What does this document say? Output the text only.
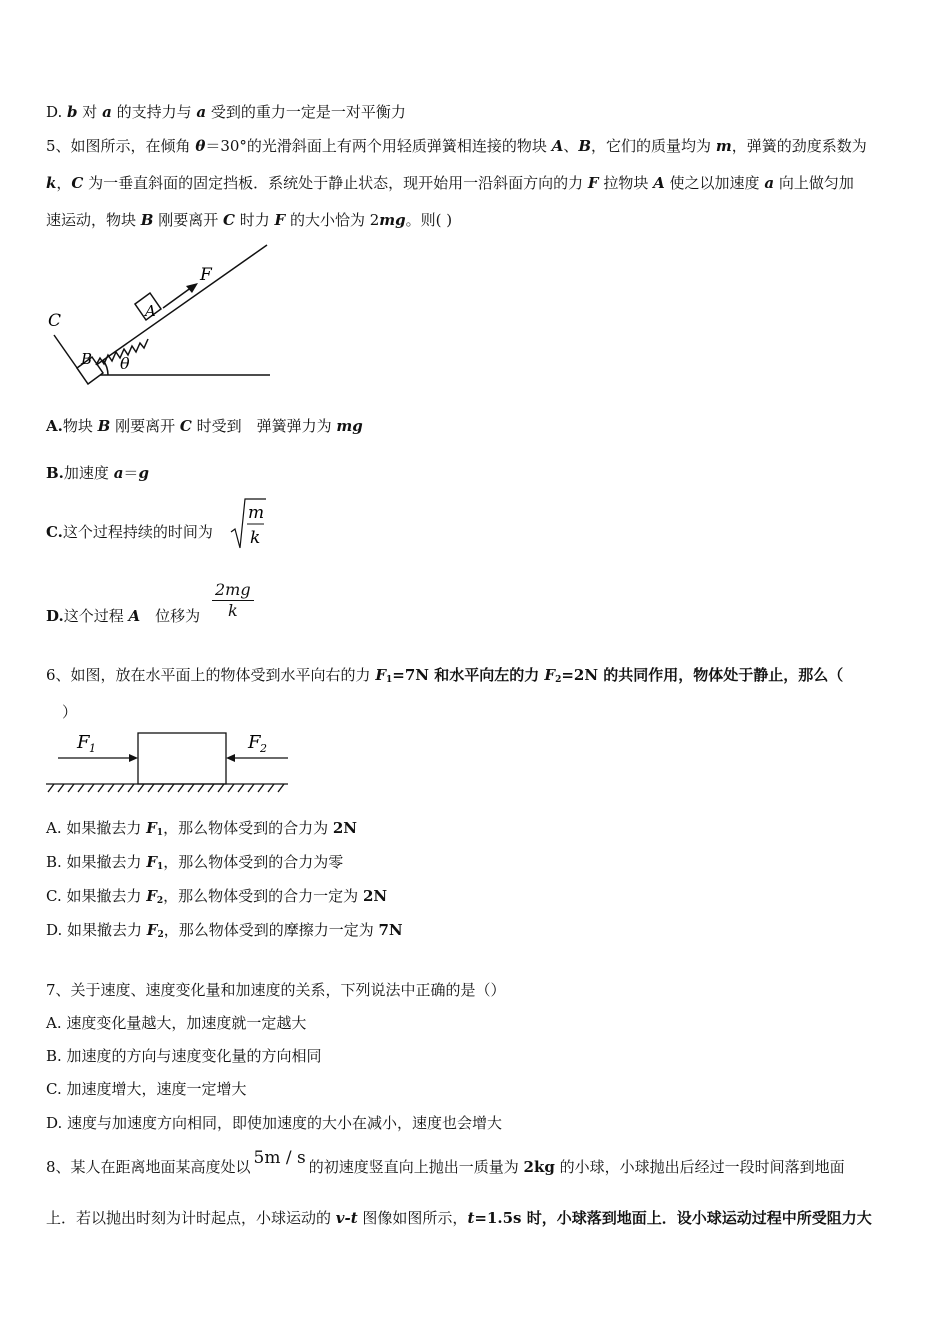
D. b 对 a 的支持力与 a 受到的重力一定是一对平衡力
5、如图所示，在倾角 θ＝30°的光滑斜面上有两个用轻质弹簧相连接的物块 A、B，它们的质量均为 m，弹簧的劲度系数为
k，C 为一垂直斜面的固定挡板．系统处于静止状态，现开始用一沿斜面方向的力 F 拉物块 A 使之以加速度 a 向上做匀加
速运动，物块 B 刚要离开 C 时力 F 的大小恰为 2mg。则( )
F
A
B
C
θ
A.物块 B 刚要离开 C 时受到　弹簧弹力为 mg
B.加速度 a＝g
C.这个过程持续的时间为
m
k
D.这个过程 A　位移为 $\frac{2mg}{k}$
6、如图，放在水平面上的物体受到水平向右的力 $F_1=7N$ 和水平向左的力 $F_2=2N$ 的共同作用，物体处于静止，那么（
）
F 1	F 2
A. 如果撤去力 $F_1$，那么物体受到的合力为 2N
B. 如果撤去力 $F_1$，那么物体受到的合力为零
C. 如果撤去力 $F_2$，那么物体受到的合力一定为 2N
D. 如果撤去力 $F_2$，那么物体受到的摩擦力一定为 7N
7、关于速度、速度变化量和加速度的关系，下列说法中正确的是（）
A. 速度变化量越大，加速度就一定越大
B. 加速度的方向与速度变化量的方向相同
C. 加速度增大，速度一定增大
D. 速度与加速度方向相同，即使加速度的大小在减小，速度也会增大
8、某人在距离地面某高度处以 5m / s 的初速度竖直向上抛出一质量为 2kg 的小球，小球抛出后经过一段时间落到地面
上．若以抛出时刻为计时起点，小球运动的 v-t 图像如图所示，t=1.5s 时，小球落到地面上．设小球运动过程中所受阻力大
